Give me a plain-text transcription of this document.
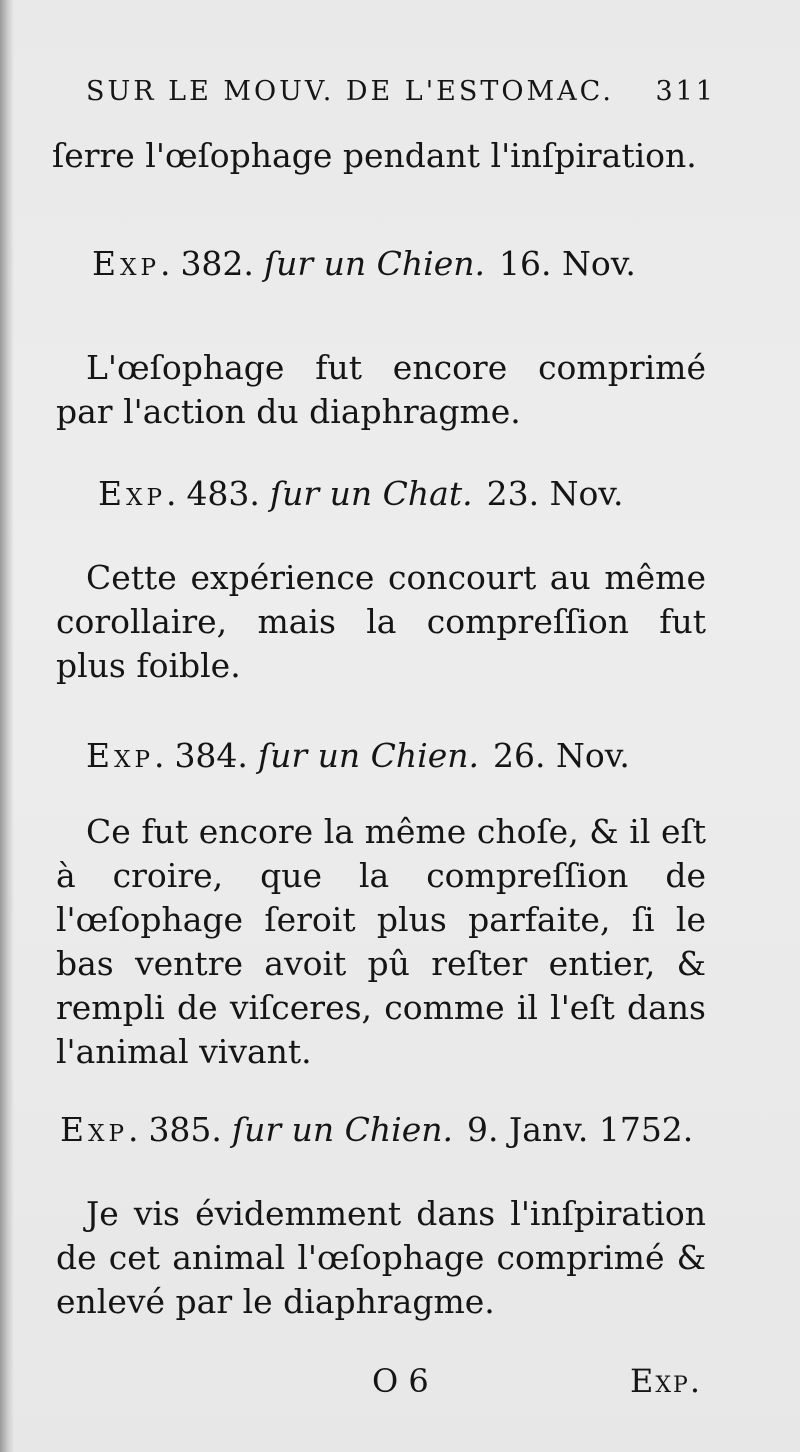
SUR LE MOUV. DE L'ESTOMAC. 311
ſerre l'œſophage pendant l'inſpiration.
Exp. 382. ſur un Chien. 16. Nov.
L'œſophage fut encore comprimé par l'action du diaphragme.
Exp. 483. ſur un Chat. 23. Nov.
Cette expérience concourt au même corollaire, mais la compreſſion fut plus foible.
Exp. 384. ſur un Chien. 26. Nov.
Ce fut encore la même choſe, & il eſt à croire, que la compreſſion de l'œſophage ſeroit plus parfaite, ſi le bas ventre avoit pû reſter entier, & rempli de viſceres, comme il l'eſt dans l'animal vivant.
Exp. 385. ſur un Chien. 9. Janv. 1752.
Je vis évidemment dans l'inſpiration de cet animal l'œſophage comprimé & enlevé par le diaphragme.
O 6	Exp.
